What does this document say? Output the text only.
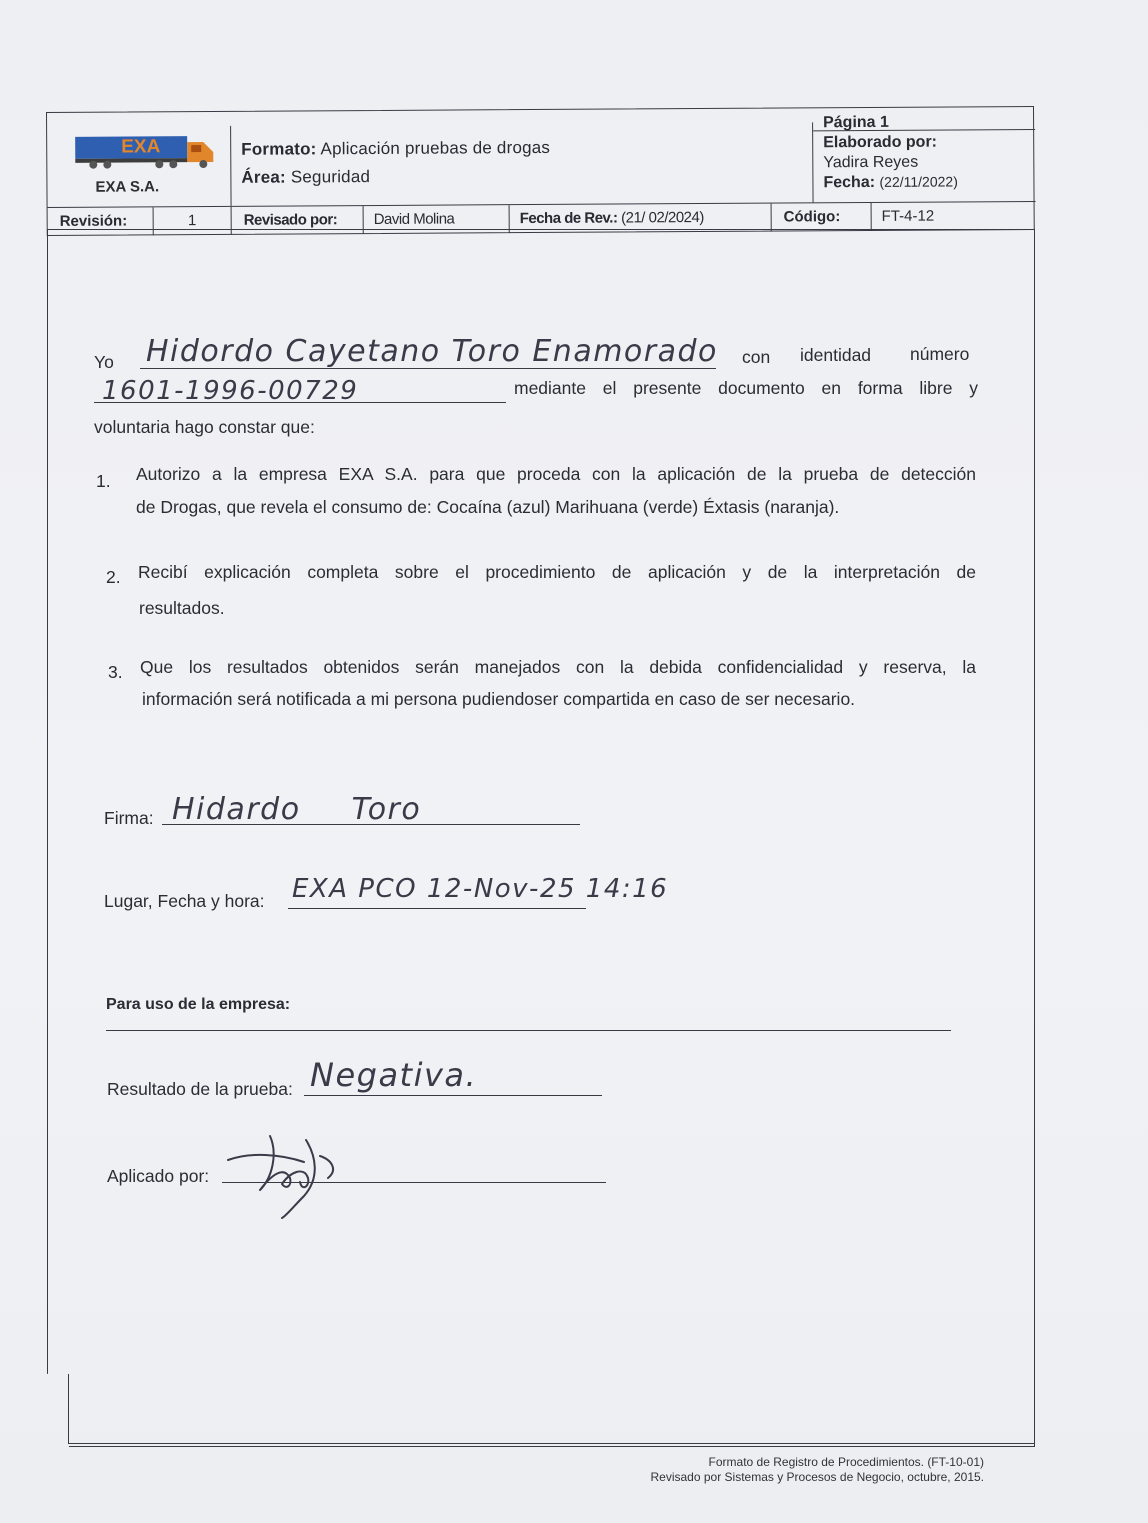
EXA
EXA S.A.
Formato: Aplicación pruebas de drogas
Área: Seguridad
Página 1
Elaborado por:
Yadira Reyes
Fecha: (22/11/2022)
Revisión:	1	Revisado por:	David Molina	Fecha de Rev.: (21/ 02/2024)	Código:	FT-4-12
Yo Hidordo Cayetano Toro Enamorado con identidad número
1601-1996-00729	mediante el presente documento en forma libre y
voluntaria hago constar que:
1. Autorizo a la empresa EXA S.A. para que proceda con la aplicación de la prueba de detección
de Drogas, que revela el consumo de: Cocaína (azul) Marihuana (verde) Éxtasis (naranja).
2. Recibí explicación completa sobre el procedimiento de aplicación y de la interpretación de
resultados.
3. Que los resultados obtenidos serán manejados con la debida confidencialidad y reserva, la
información será notificada a mi persona pudiendoser compartida en caso de ser necesario.
Firma: Hidardo Toro
Lugar, Fecha y hora: EXA PCO 12-Nov-25 14:16
Para uso de la empresa:
Resultado de la prueba: Negativa.
Aplicado por:
Formato de Registro de Procedimientos. (FT-10-01)
Revisado por Sistemas y Procesos de Negocio, octubre, 2015.
